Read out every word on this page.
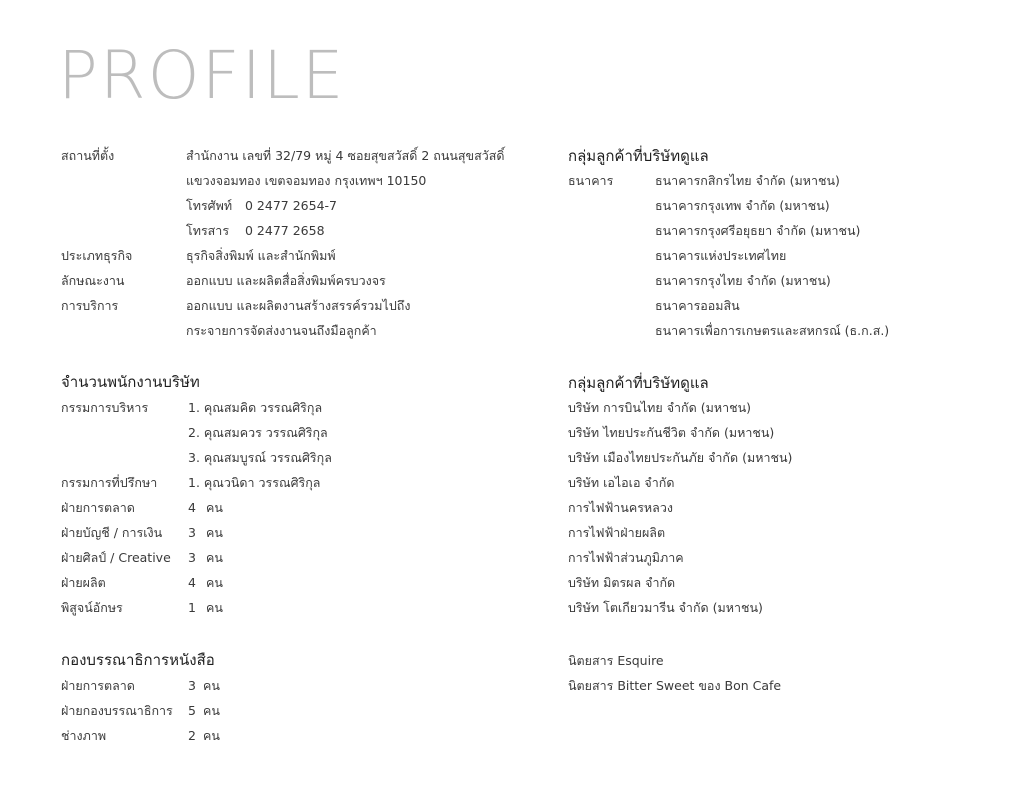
PROFILE
สถานที่ตั้ง	สำนักงาน เลขที่ 32/79 หมู่ 4 ซอยสุขสวัสดิ์ 2 ถนนสุขสวัสดิ์
แขวงจอมทอง เขตจอมทอง กรุงเทพฯ 10150
โทรศัพท์ 0 2477 2654-7
โทรสาร 0 2477 2658
ประเภทธุรกิจ	ธุรกิจสิ่งพิมพ์ และสำนักพิมพ์
ลักษณะงาน	ออกแบบ และผลิตสื่อสิ่งพิมพ์ครบวงจร
การบริการ	ออกแบบ และผลิตงานสร้างสรรค์รวมไปถึง
กระจายการจัดส่งงานจนถึงมือลูกค้า
จำนวนพนักงานบริษัท
กรรมการบริหาร	1. คุณสมคิด วรรณศิริกุล
2. คุณสมควร วรรณศิริกุล
3. คุณสมบูรณ์ วรรณศิริกุล
กรรมการที่ปรึกษา 1. คุณวนิดา วรรณศิริกุล
ฝ่ายการตลาด	4 คน
ฝ่ายบัญชี / การเงิน 3 คน
ฝ่ายศิลป์ / Creative 3 คน
ฝ่ายผลิต	4 คน
พิสูจน์อักษร	1 คน
กองบรรณาธิการหนังสือ
ฝ่ายการตลาด	3 คน
ฝ่ายกองบรรณาธิการ 5 คน
ช่างภาพ	2 คน
กลุ่มลูกค้าที่บริษัทดูแล
ธนาคาร	ธนาคารกสิกรไทย จำกัด (มหาชน)
ธนาคารกรุงเทพ จำกัด (มหาชน)
ธนาคารกรุงศรีอยุธยา จำกัด (มหาชน)
ธนาคารแห่งประเทศไทย
ธนาคารกรุงไทย จำกัด (มหาชน)
ธนาคารออมสิน
ธนาคารเพื่อการเกษตรและสหกรณ์ (ธ.ก.ส.)
กลุ่มลูกค้าที่บริษัทดูแล
บริษัท การบินไทย จำกัด (มหาชน)
บริษัท ไทยประกันชีวิต จำกัด (มหาชน)
บริษัท เมืองไทยประกันภัย จำกัด (มหาชน)
บริษัท เอไอเอ จำกัด
การไฟฟ้านครหลวง
การไฟฟ้าฝ่ายผลิต
การไฟฟ้าส่วนภูมิภาค
บริษัท มิตรผล จำกัด
บริษัท โตเกียวมารีน จำกัด (มหาชน)
นิตยสาร Esquire
นิตยสาร Bitter Sweet ของ Bon Cafe
